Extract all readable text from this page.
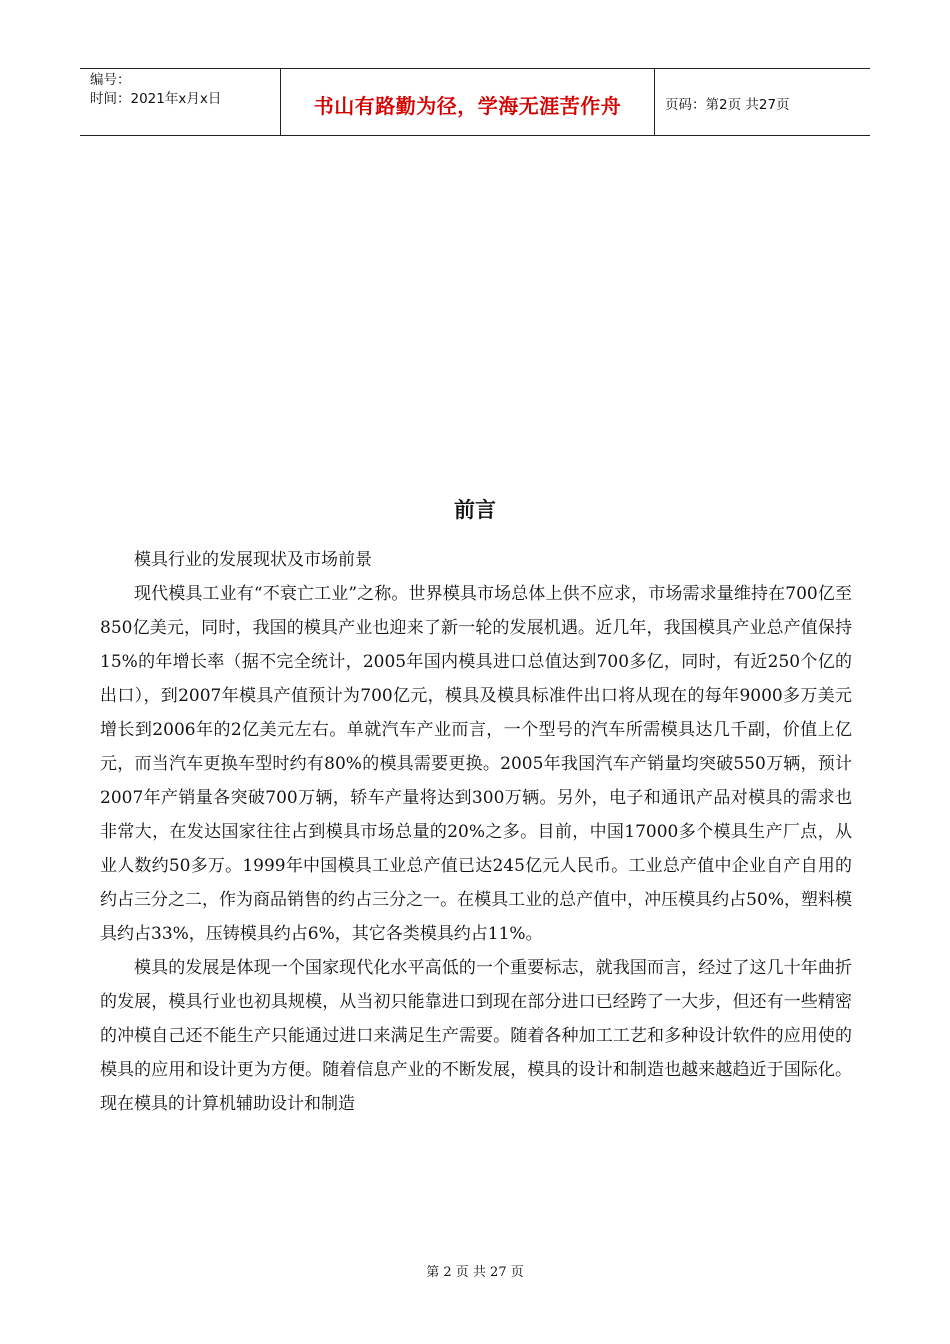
编号：
时间：2021年x月x日	书山有路勤为径，学海无涯苦作舟	页码：第2页 共27页
前言

模具行业的发展现状及市场前景

现代模具工业有“不衰亡工业”之称。世界模具市场总体上供不应求，市场需求量维持在700亿至850亿美元，同时，我国的模具产业也迎来了新一轮的发展机遇。近几年，我国模具产业总产值保持15%的年增长率（据不完全统计，2005年国内模具进口总值达到700多亿，同时，有近250个亿的出口），到2007年模具产值预计为700亿元，模具及模具标准件出口将从现在的每年9000多万美元增长到2006年的2亿美元左右。单就汽车产业而言，一个型号的汽车所需模具达几千副，价值上亿元，而当汽车更换车型时约有80%的模具需要更换。2005年我国汽车产销量均突破550万辆，预计2007年产销量各突破700万辆，轿车产量将达到300万辆。另外，电子和通讯产品对模具的需求也非常大，在发达国家往往占到模具市场总量的20%之多。目前，中国17000多个模具生产厂点，从业人数约50多万。1999年中国模具工业总产值已达245亿元人民币。工业总产值中企业自产自用的约占三分之二，作为商品销售的约占三分之一。在模具工业的总产值中，冲压模具约占50%，塑料模具约占33%，压铸模具约占6%，其它各类模具约占11%。

模具的发展是体现一个国家现代化水平高低的一个重要标志，就我国而言，经过了这几十年曲折的发展，模具行业也初具规模，从当初只能靠进口到现在部分进口已经跨了一大步，但还有一些精密的冲模自己还不能生产只能通过进口来满足生产需要。随着各种加工工艺和多种设计软件的应用使的模具的应用和设计更为方便。随着信息产业的不断发展，模具的设计和制造也越来越趋近于国际化。现在模具的计算机辅助设计和制造

第 2 页 共 27 页
